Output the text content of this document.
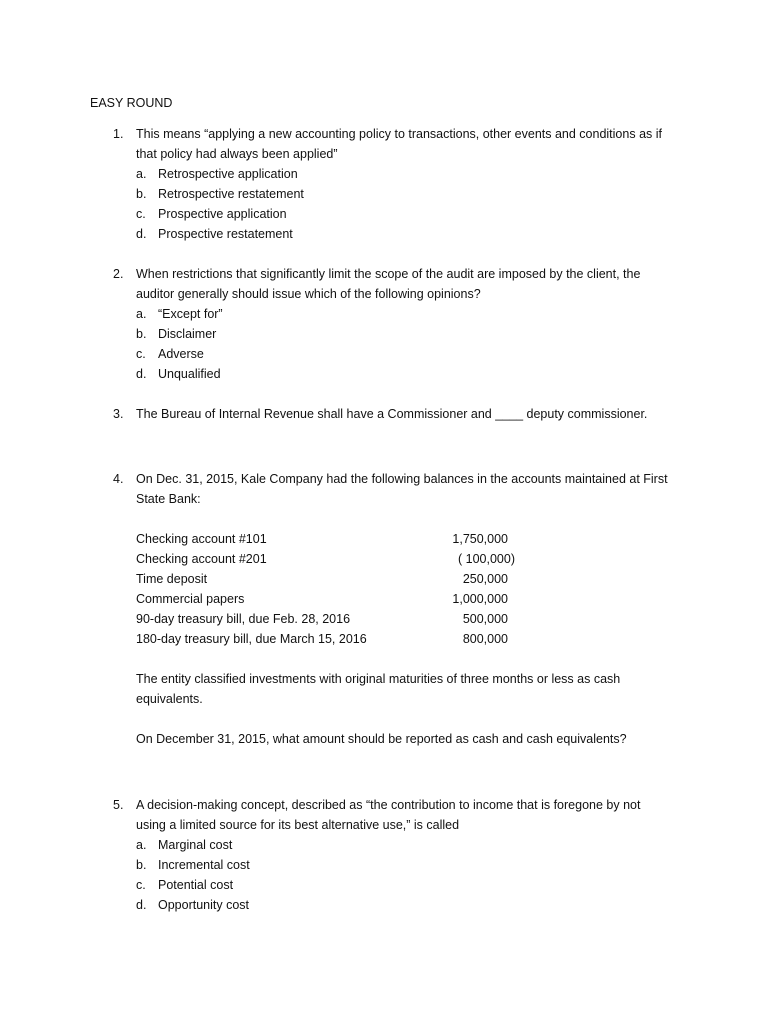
EASY ROUND
1.	This means “applying a new accounting policy to transactions, other events and conditions as if
that policy had always been applied”
a. Retrospective application
b. Retrospective restatement
c. Prospective application
d. Prospective restatement
2.	When restrictions that significantly limit the scope of the audit are imposed by the client, the
auditor generally should issue which of the following opinions?
a. “Except for”
b. Disclaimer
c. Adverse
d. Unqualified
3.	The Bureau of Internal Revenue shall have a Commissioner and ____ deputy commissioner.
4.	On Dec. 31, 2015, Kale Company had the following balances in the accounts maintained at First
State Bank:
Checking account #101	1,750,000
Checking account #201	( 100,000)
Time deposit	250,000
Commercial papers	1,000,000
90-day treasury bill, due Feb. 28, 2016	500,000
180-day treasury bill, due March 15, 2016	800,000
The entity classified investments with original maturities of three months or less as cash
equivalents.
On December 31, 2015, what amount should be reported as cash and cash equivalents?
5.	A decision-making concept, described as “the contribution to income that is foregone by not
using a limited source for its best alternative use,” is called
a. Marginal cost
b. Incremental cost
c. Potential cost
d. Opportunity cost
